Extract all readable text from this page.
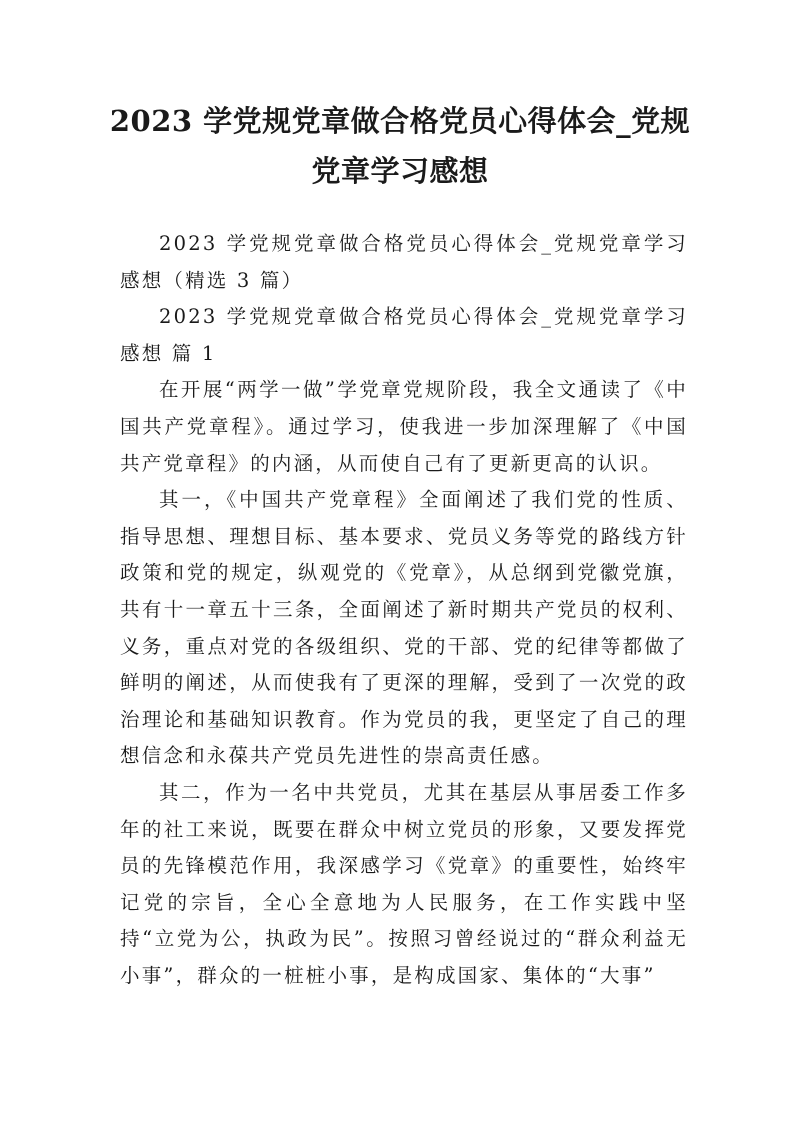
2023 学党规党章做合格党员心得体会_党规
党章学习感想

2023 学党规党章做合格党员心得体会_党规党章学习感想（精选 3 篇）

2023 学党规党章做合格党员心得体会_党规党章学习感想 篇 1

在开展“两学一做”学党章党规阶段，我全文通读了《中国共产党章程》。通过学习，使我进一步加深理解了《中国共产党章程》的内涵，从而使自己有了更新更高的认识。

其一，《中国共产党章程》全面阐述了我们党的性质、指导思想、理想目标、基本要求、党员义务等党的路线方针政策和党的规定，纵观党的《党章》，从总纲到党徽党旗，共有十一章五十三条，全面阐述了新时期共产党员的权利、义务，重点对党的各级组织、党的干部、党的纪律等都做了鲜明的阐述，从而使我有了更深的理解，受到了一次党的政治理论和基础知识教育。作为党员的我，更坚定了自己的理想信念和永葆共产党员先进性的崇高责任感。

其二，作为一名中共党员，尤其在基层从事居委工作多年的社工来说，既要在群众中树立党员的形象，又要发挥党员的先锋模范作用，我深感学习《党章》的重要性，始终牢记党的宗旨，全心全意地为人民服务，在工作实践中坚持“立党为公，执政为民”。按照习曾经说过的“群众利益无小事”，群众的一桩桩小事，是构成国家、集体的“大事”
